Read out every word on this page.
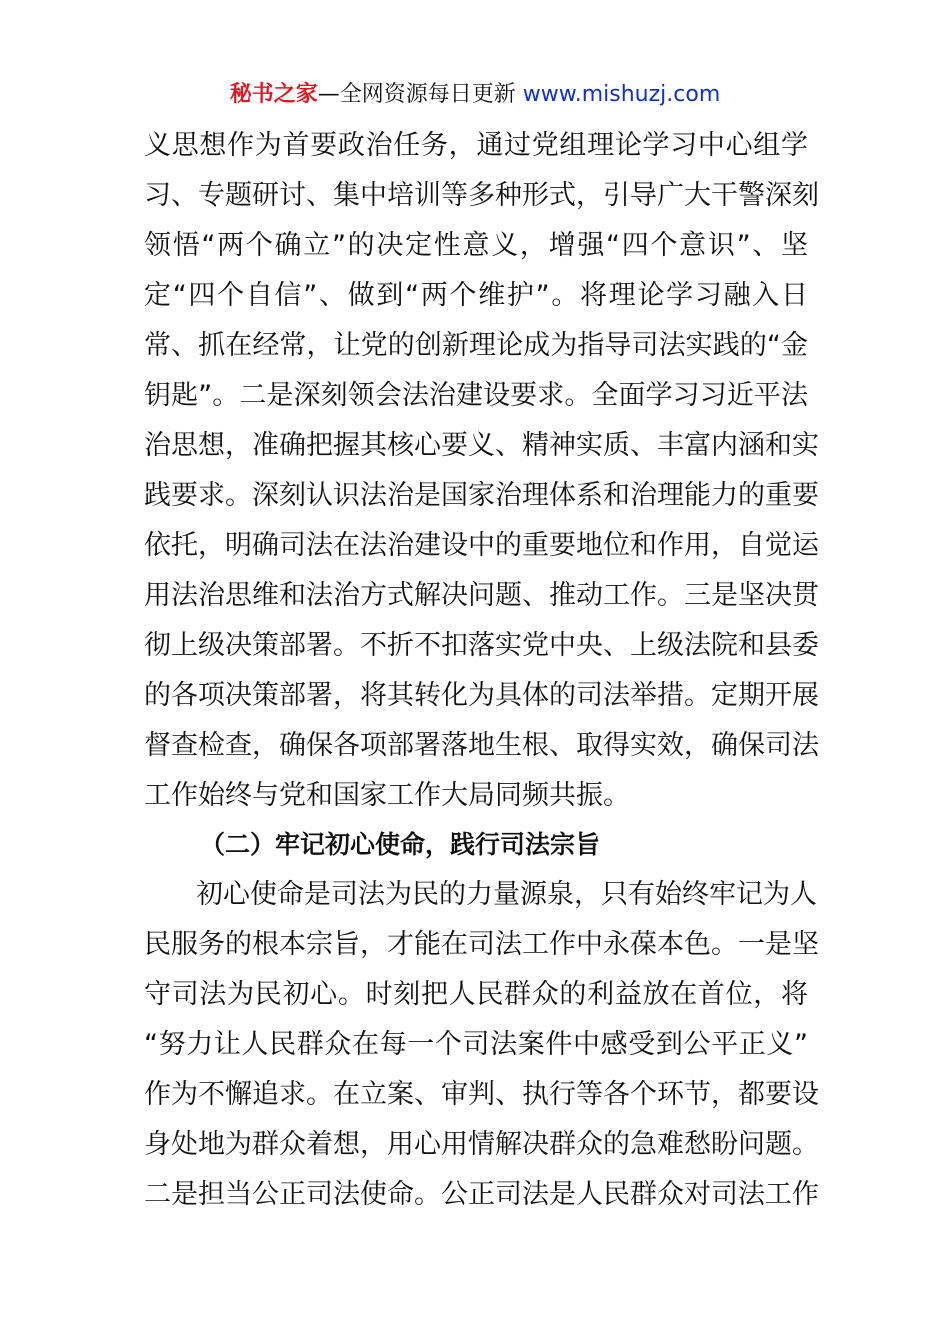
秘书之家—全网资源每日更新 www.mishuzj.com
义思想作为首要政治任务，通过党组理论学习中心组学
习、专题研讨、集中培训等多种形式，引导广大干警深刻
领悟“两个确立”的决定性意义，增强“四个意识”、坚
定“四个自信”、做到“两个维护”。将理论学习融入日
常、抓在经常，让党的创新理论成为指导司法实践的“金
钥匙”。二是深刻领会法治建设要求。全面学习习近平法
治思想，准确把握其核心要义、精神实质、丰富内涵和实
践要求。深刻认识法治是国家治理体系和治理能力的重要
依托，明确司法在法治建设中的重要地位和作用，自觉运
用法治思维和法治方式解决问题、推动工作。三是坚决贯
彻上级决策部署。不折不扣落实党中央、上级法院和县委
的各项决策部署，将其转化为具体的司法举措。定期开展
督查检查，确保各项部署落地生根、取得实效，确保司法
工作始终与党和国家工作大局同频共振。
（二）牢记初心使命，践行司法宗旨
初心使命是司法为民的力量源泉，只有始终牢记为人
民服务的根本宗旨，才能在司法工作中永葆本色。一是坚
守司法为民初心。时刻把人民群众的利益放在首位，将
“努力让人民群众在每一个司法案件中感受到公平正义”
作为不懈追求。在立案、审判、执行等各个环节，都要设
身处地为群众着想，用心用情解决群众的急难愁盼问题。
二是担当公正司法使命。公正司法是人民群众对司法工作
